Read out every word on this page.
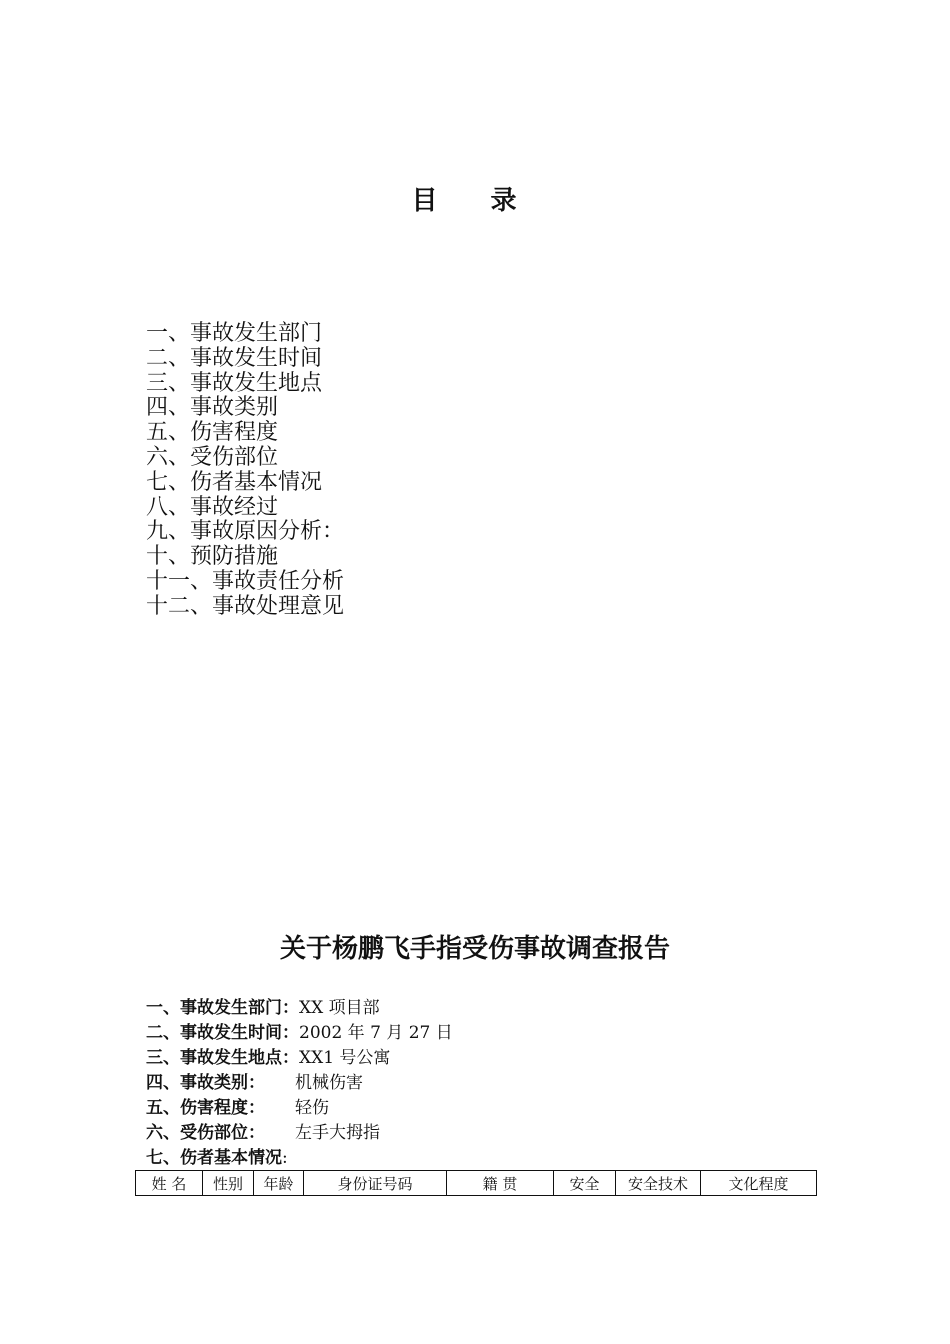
目 录
一、事故发生部门
二、事故发生时间
三、事故发生地点
四、事故类别
五、伤害程度
六、受伤部位
七、伤者基本情况
八、事故经过
九、事故原因分析：
十、预防措施
十一、事故责任分析
十二、事故处理意见
关于杨鹏飞手指受伤事故调查报告
一、事故发生部门：XX 项目部
二、事故发生时间：2002 年 7 月 27 日
三、事故发生地点：XX1 号公寓
四、事故类别： 机械伤害
五、伤害程度： 轻伤
六、受伤部位： 左手大拇指
七、伤者基本情况:
姓 名	性别	年龄	身份证号码	籍 贯	安全	安全技术	文化程度
